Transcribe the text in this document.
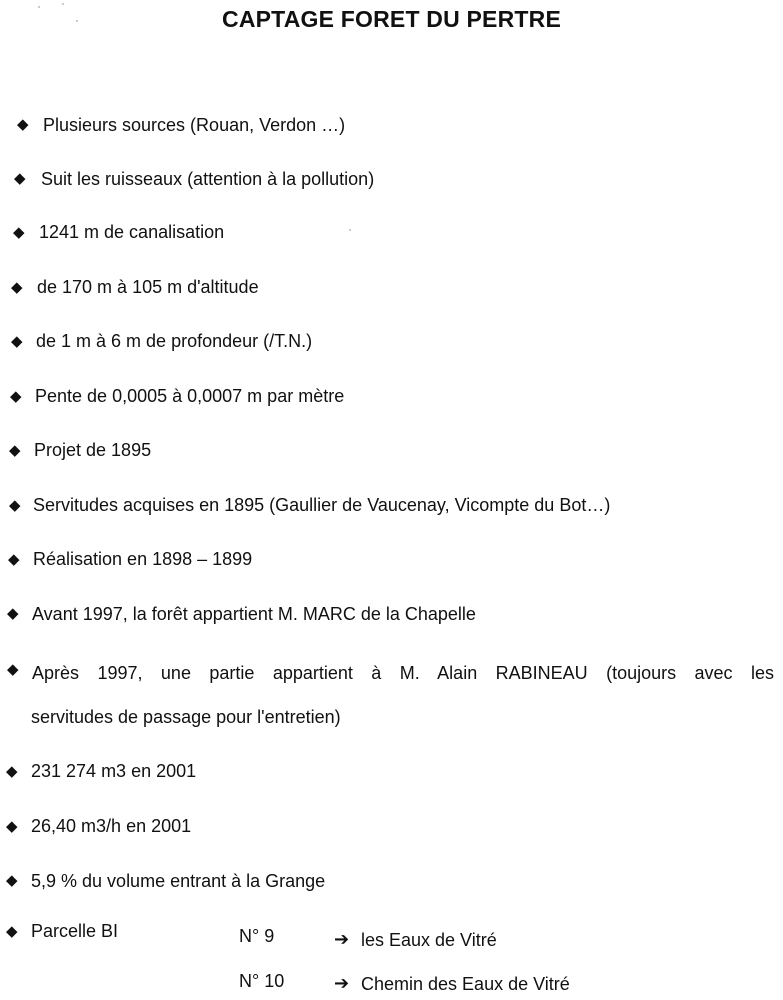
CAPTAGE FORET DU PERTRE
◆ Plusieurs sources (Rouan, Verdon …)
◆ Suit les ruisseaux (attention à la pollution)
◆ 1241 m de canalisation
◆ de 170 m à 105 m d'altitude
◆ de 1 m à 6 m de profondeur (/T.N.)
◆ Pente de 0,0005 à 0,0007 m par mètre
◆ Projet de 1895
◆ Servitudes acquises en 1895 (Gaullier de Vaucenay, Vicompte du Bot…)
◆ Réalisation en 1898 – 1899
◆ Avant 1997, la forêt appartient M. MARC de la Chapelle
◆ Après 1997, une partie appartient à M. Alain RABINEAU (toujours avec les
servitudes de passage pour l'entretien)
◆ 231 274 m3 en 2001
◆ 26,40 m3/h en 2001
◆ 5,9 % du volume entrant à la Grange
◆ Parcelle BI	N° 9	➔ les Eaux de Vitré
N° 10	➔ Chemin des Eaux de Vitré
